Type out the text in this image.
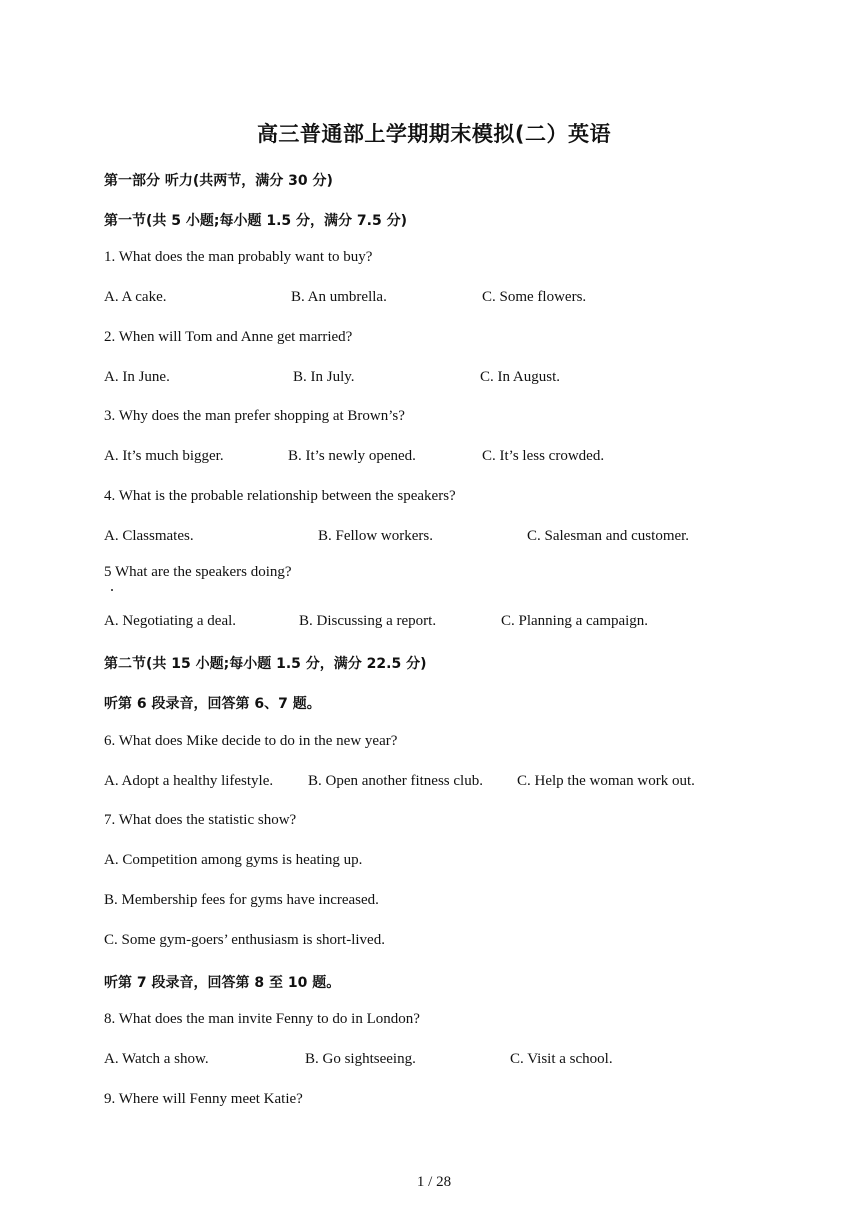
高三普通部上学期期末模拟(二）英语
第一部分 听力(共两节，满分 30 分)
第一节(共 5 小题;每小题 1.5 分，满分 7.5 分)
1. What does the man probably want to buy?
A. A cake.	B. An umbrella.	C. Some flowers.
2. When will Tom and Anne get married?
A. In June.	B. In July.	C. In August.
3. Why does the man prefer shopping at Brown’s?
A. It’s much bigger.	B. It’s newly opened.	C. It’s less crowded.
4. What is the probable relationship between the speakers?
A. Classmates.	B. Fellow workers.	C. Salesman and customer.
5 What are the speakers doing?
A. Negotiating a deal.	B. Discussing a report.	C. Planning a campaign.
第二节(共 15 小题;每小题 1.5 分，满分 22.5 分)
听第 6 段录音，回答第 6、7 题。
6. What does Mike decide to do in the new year?
A. Adopt a healthy lifestyle. B. Open another fitness club. C. Help the woman work out.
7. What does the statistic show?
A. Competition among gyms is heating up.
B. Membership fees for gyms have increased.
C. Some gym-goers’ enthusiasm is short-lived.
听第 7 段录音，回答第 8 至 10 题。
8. What does the man invite Fenny to do in London?
A. Watch a show.	B. Go sightseeing.	C. Visit a school.
9. Where will Fenny meet Katie?
1 / 28
